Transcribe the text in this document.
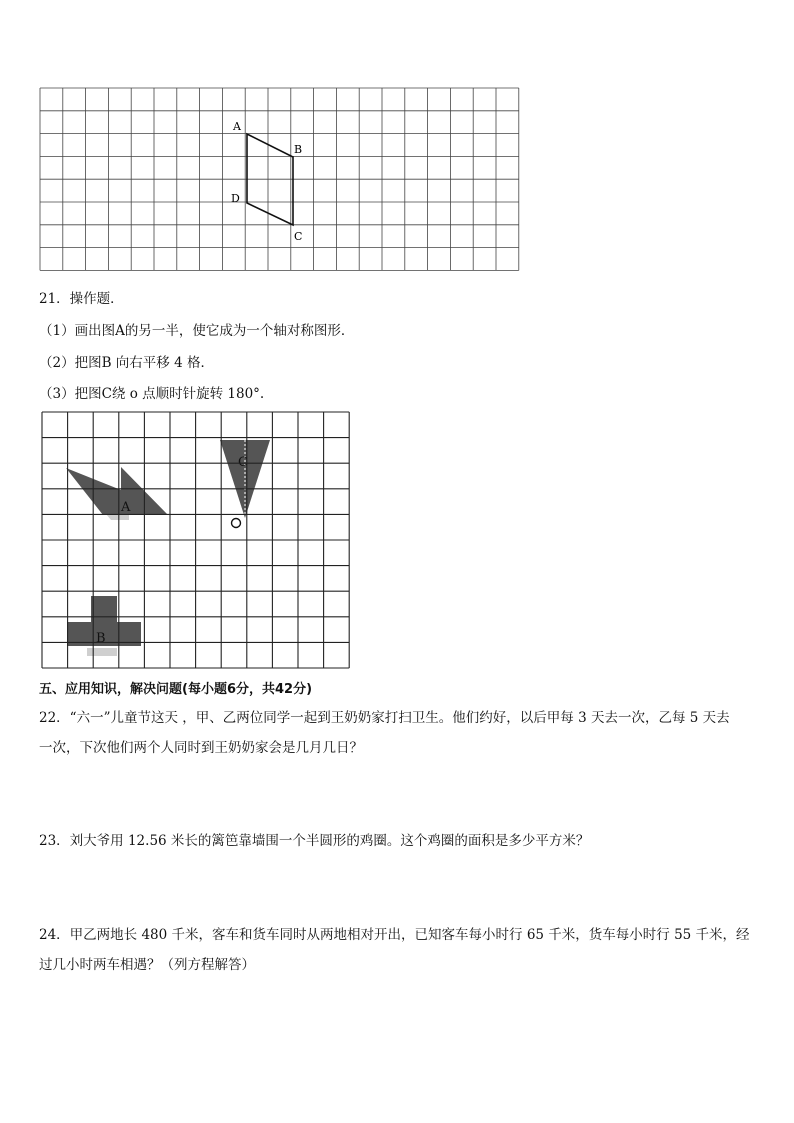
A
B
C
D
21．操作题．
（1）画出图A的另一半，使它成为一个轴对称图形．
（2）把图B 向右平移 4 格．
（3）把图C绕 o 点顺时针旋转 180°.
A
C
B
五、应用知识，解决问题(每小题6分，共42分)
22．“六一”儿童节这天 ，甲、乙两位同学一起到王奶奶家打扫卫生。他们约好，以后甲每 3 天去一次，乙每 5 天去
一次，下次他们两个人同时到王奶奶家会是几月几日？
23．刘大爷用 12.56 米长的篱笆靠墙围一个半圆形的鸡圈。这个鸡圈的面积是多少平方米？
24．甲乙两地长 480 千米，客车和货车同时从两地相对开出，已知客车每小时行 65 千米，货车每小时行 55 千米，经
过几小时两车相遇？（列方程解答）
